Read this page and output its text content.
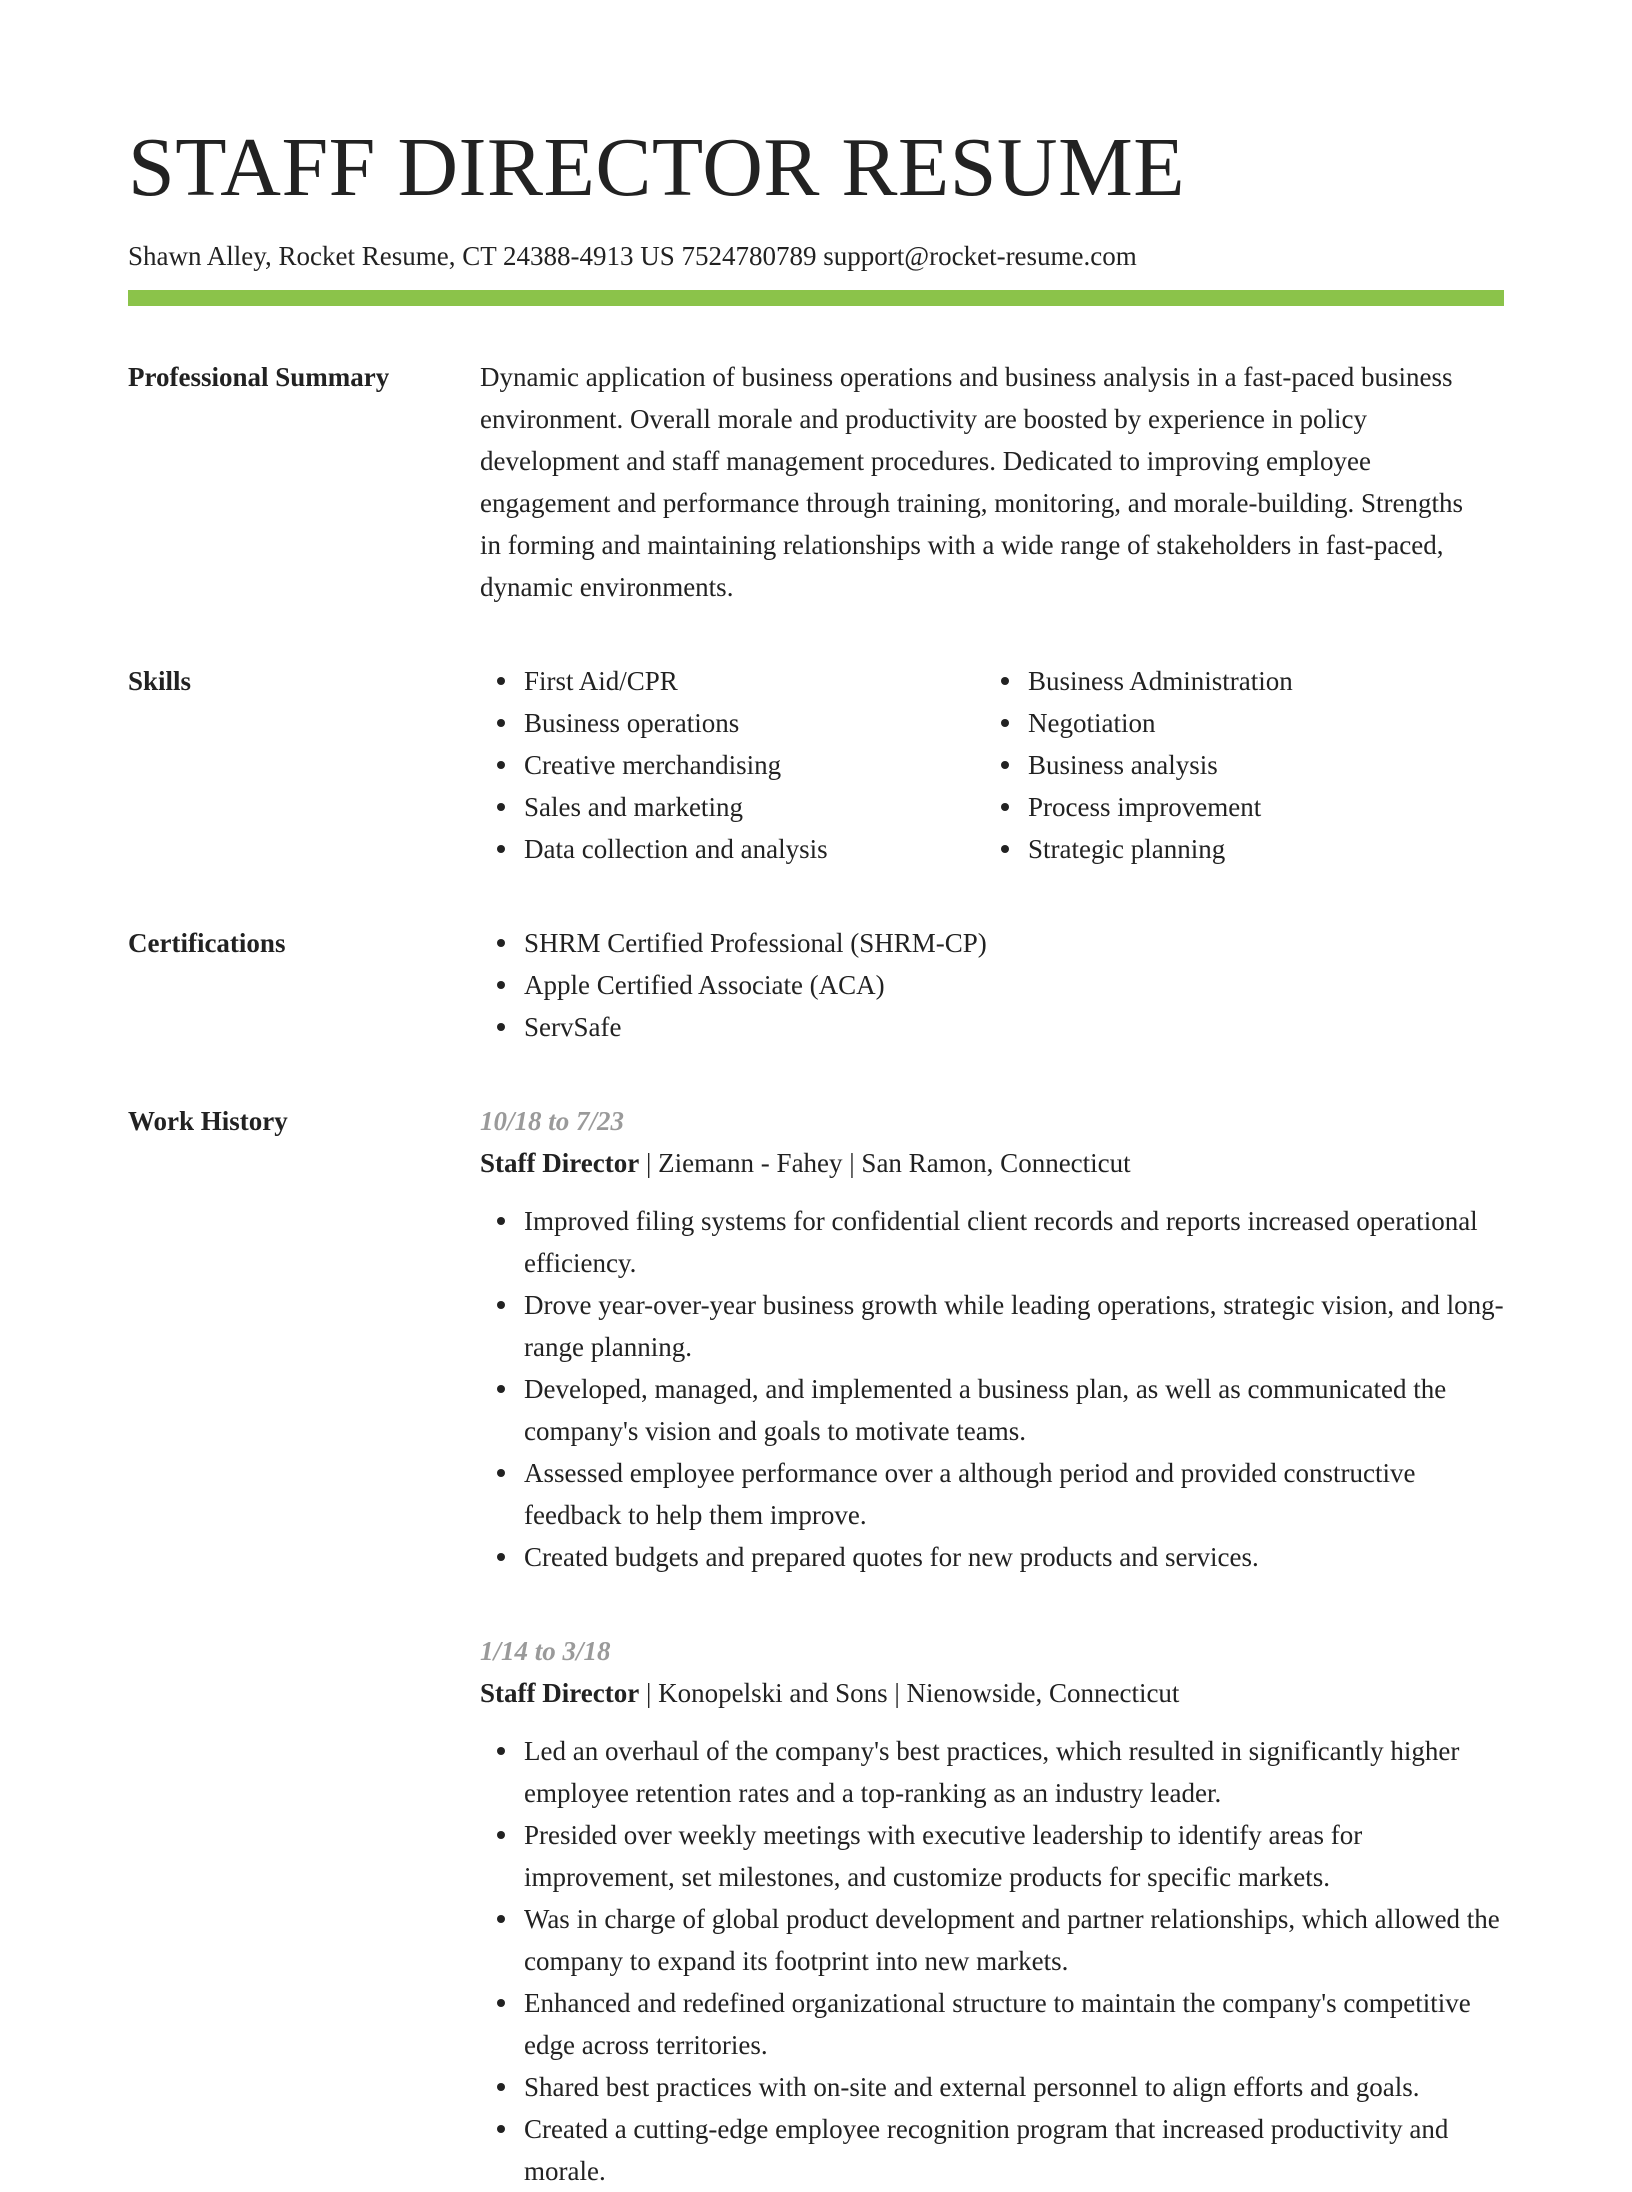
STAFF DIRECTOR RESUME
Shawn Alley, Rocket Resume, CT 24388-4913 US 7524780789 support@rocket-resume.com
Professional Summary	Dynamic application of business operations and business analysis in a fast-paced business environment. Overall morale and productivity are boosted by experience in policy development and staff management procedures. Dedicated to improving employee engagement and performance through training, monitoring, and morale-building. Strengths in forming and maintaining relationships with a wide range of stakeholders in fast-paced, dynamic environments.

Skills	First Aid/CPR
Business operations
Creative merchandising
Sales and marketing
Data collection and analysis
Business Administration
Negotiation
Business analysis
Process improvement
Strategic planning
Certifications	SHRM Certified Professional (SHRM-CP)
Apple Certified Associate (ACA)
ServSafe
Work History	10/18 to 7/23
Staff Director | Ziemann - Fahey | San Ramon, Connecticut
Improved filing systems for confidential client records and reports increased operational efficiency.
Drove year-over-year business growth while leading operations, strategic vision, and long-range planning.
Developed, managed, and implemented a business plan, as well as communicated the company's vision and goals to motivate teams.
Assessed employee performance over a although period and provided constructive feedback to help them improve.
Created budgets and prepared quotes for new products and services.
1/14 to 3/18
Staff Director | Konopelski and Sons | Nienowside, Connecticut
Led an overhaul of the company's best practices, which resulted in significantly higher employee retention rates and a top-ranking as an industry leader.
Presided over weekly meetings with executive leadership to identify areas for improvement, set milestones, and customize products for specific markets.
Was in charge of global product development and partner relationships, which allowed the company to expand its footprint into new markets.
Enhanced and redefined organizational structure to maintain the company's competitive edge across territories.
Shared best practices with on-site and external personnel to align efforts and goals.
Created a cutting-edge employee recognition program that increased productivity and morale.
